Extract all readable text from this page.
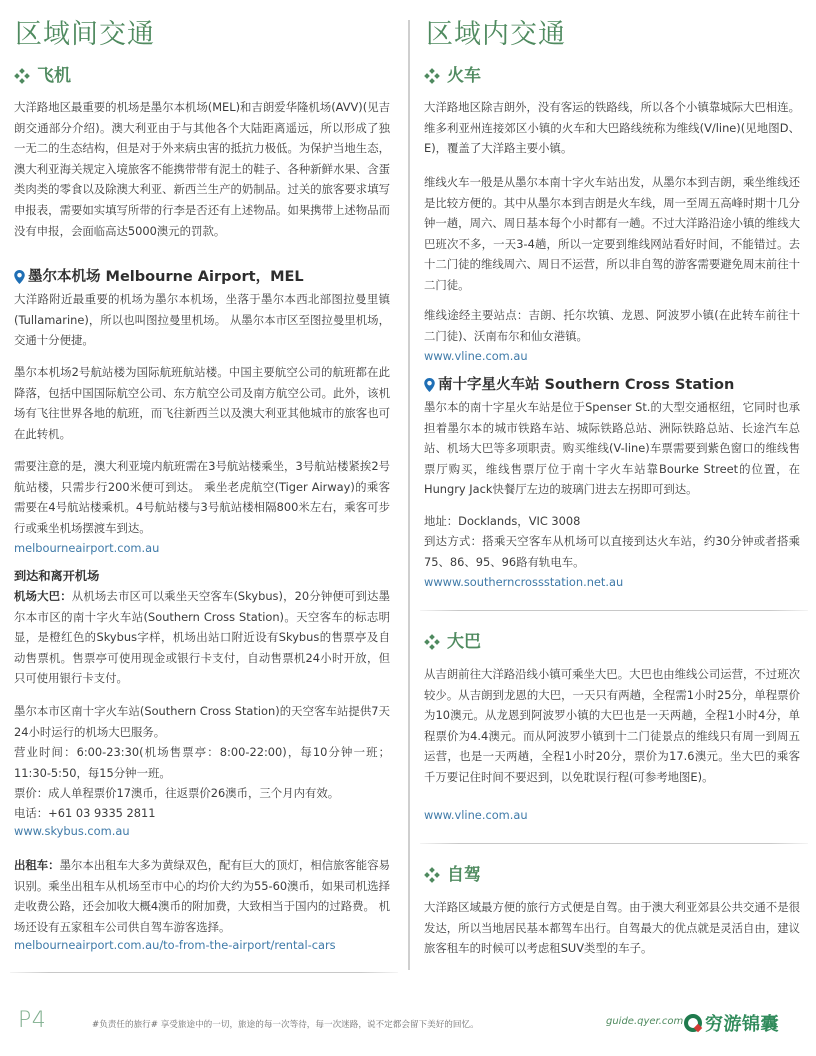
区域间交通
飞机

大洋路地区最重要的机场是墨尔本机场(MEL)和吉朗爱华隆机场(AVV)(见吉朗交通部分介绍)。澳大利亚由于与其他各个大陆距离遥远，所以形成了独一无二的生态结构，但是对于外来病虫害的抵抗力极低。为保护当地生态，澳大利亚海关规定入境旅客不能携带带有泥土的鞋子、各种新鲜水果、含蛋类肉类的零食以及除澳大利亚、新西兰生产的奶制品。过关的旅客要求填写申报表，需要如实填写所带的行李是否还有上述物品。如果携带上述物品而没有申报，会面临高达5000澳元的罚款。

墨尔本机场 Melbourne Airport，MEL

大洋路附近最重要的机场为墨尔本机场，坐落于墨尔本西北部图拉曼里镇(Tullamarine)，所以也叫图拉曼里机场。 从墨尔本市区至图拉曼里机场，交通十分便捷。

墨尔本机场2号航站楼为国际航班航站楼。中国主要航空公司的航班都在此降落，包括中国国际航空公司、东方航空公司及南方航空公司。此外，该机场有飞往世界各地的航班，而飞往新西兰以及澳大利亚其他城市的旅客也可在此转机。

需要注意的是，澳大利亚境内航班需在3号航站楼乘坐，3号航站楼紧挨2号航站楼，只需步行200米便可到达。 乘坐老虎航空(Tiger Airway)的乘客需要在4号航站楼乘机。4号航站楼与3号航站楼相隔800米左右，乘客可步行或乘坐机场摆渡车到达。

melbourneairport.com.au
到达和离开机场

机场大巴：从机场去市区可以乘坐天空客车(Skybus)，20分钟便可到达墨尔本市区的南十字火车站(Southern Cross Station)。天空客车的标志明显，是橙红色的Skybus字样，机场出站口附近设有Skybus的售票亭及自动售票机。售票亭可使用现金或银行卡支付，自动售票机24小时开放，但只可使用银行卡支付。

墨尔本市区南十字火车站(Southern Cross Station)的天空客车站提供7天24小时运行的机场大巴服务。

营业时间：6:00-23:30(机场售票亭：8:00-22:00)，每10分钟一班；11:30-5:50，每15分钟一班。

票价：成人单程票价17澳币，往返票价26澳币，三个月内有效。

电话：+61 03 9335 2811

www.skybus.com.au

出租车：墨尔本出租车大多为黄绿双色，配有巨大的顶灯，相信旅客能容易识别。乘坐出租车从机场至市中心的均价大约为55-60澳币，如果司机选择走收费公路，还会加收大概4澳币的附加费，大致相当于国内的过路费。 机场还设有五家租车公司供自驾车游客选择。

melbourneairport.com.au/to-from-the-airport/rental-cars
区域内交通
火车

大洋路地区除吉朗外，没有客运的铁路线，所以各个小镇靠城际大巴相连。维多利亚州连接郊区小镇的火车和大巴路线统称为维线(V/line)(见地图D、E)，覆盖了大洋路主要小镇。

维线火车一般是从墨尔本南十字火车站出发，从墨尔本到吉朗，乘坐维线还是比较方便的。其中从墨尔本到吉朗是火车线，周一至周五高峰时期十几分钟一趟，周六、周日基本每个小时都有一趟。不过大洋路沿途小镇的维线大巴班次不多，一天3-4趟，所以一定要到维线网站看好时间，不能错过。去十二门徒的维线周六、周日不运营，所以非自驾的游客需要避免周末前往十二门徒。

维线途经主要站点：吉朗、托尔坎镇、龙恩、阿波罗小镇(在此转车前往十二门徒)、沃南布尔和仙女港镇。

www.vline.com.au
南十字星火车站 Southern Cross Station

墨尔本的南十字星火车站是位于Spenser St.的大型交通枢纽，它同时也承担着墨尔本的城市铁路车站、城际铁路总站、洲际铁路总站、长途汽车总站、机场大巴等多项职责。购买维线(V-line)车票需要到紫色窗口的维线售票厅购买，维线售票厅位于南十字火车站靠Bourke Street的位置，在Hungry Jack快餐厅左边的玻璃门进去左拐即可到达。

地址：Docklands，VIC 3008

到达方式：搭乘天空客车从机场可以直接到达火车站，约30分钟或者搭乘75、86、95、96路有轨电车。

wwww.southerncrossstation.net.au
大巴

从吉朗前往大洋路沿线小镇可乘坐大巴。大巴也由维线公司运营，不过班次较少。从吉朗到龙恩的大巴，一天只有两趟，全程需1小时25分，单程票价为10澳元。从龙恩到阿波罗小镇的大巴也是一天两趟，全程1小时4分，单程票价为4.4澳元。而从阿波罗小镇到十二门徒景点的维线只有周一到周五运营，也是一天两趟，全程1小时20分，票价为17.6澳元。坐大巴的乘客千万要记住时间不要迟到，以免耽误行程(可参考地图E)。

www.vline.com.au
自驾

大洋路区域最方便的旅行方式便是自驾。由于澳大利亚郊县公共交通不是很发达，所以当地居民基本都驾车出行。自驾最大的优点就是灵活自由，建议旅客租车的时候可以考虑租SUV类型的车子。

P4	#负责任的旅行# 享受旅途中的一切，旅途的每一次等待，每一次迷路，说不定都会留下美好的回忆。	guide.qyer.com 穷游锦囊
